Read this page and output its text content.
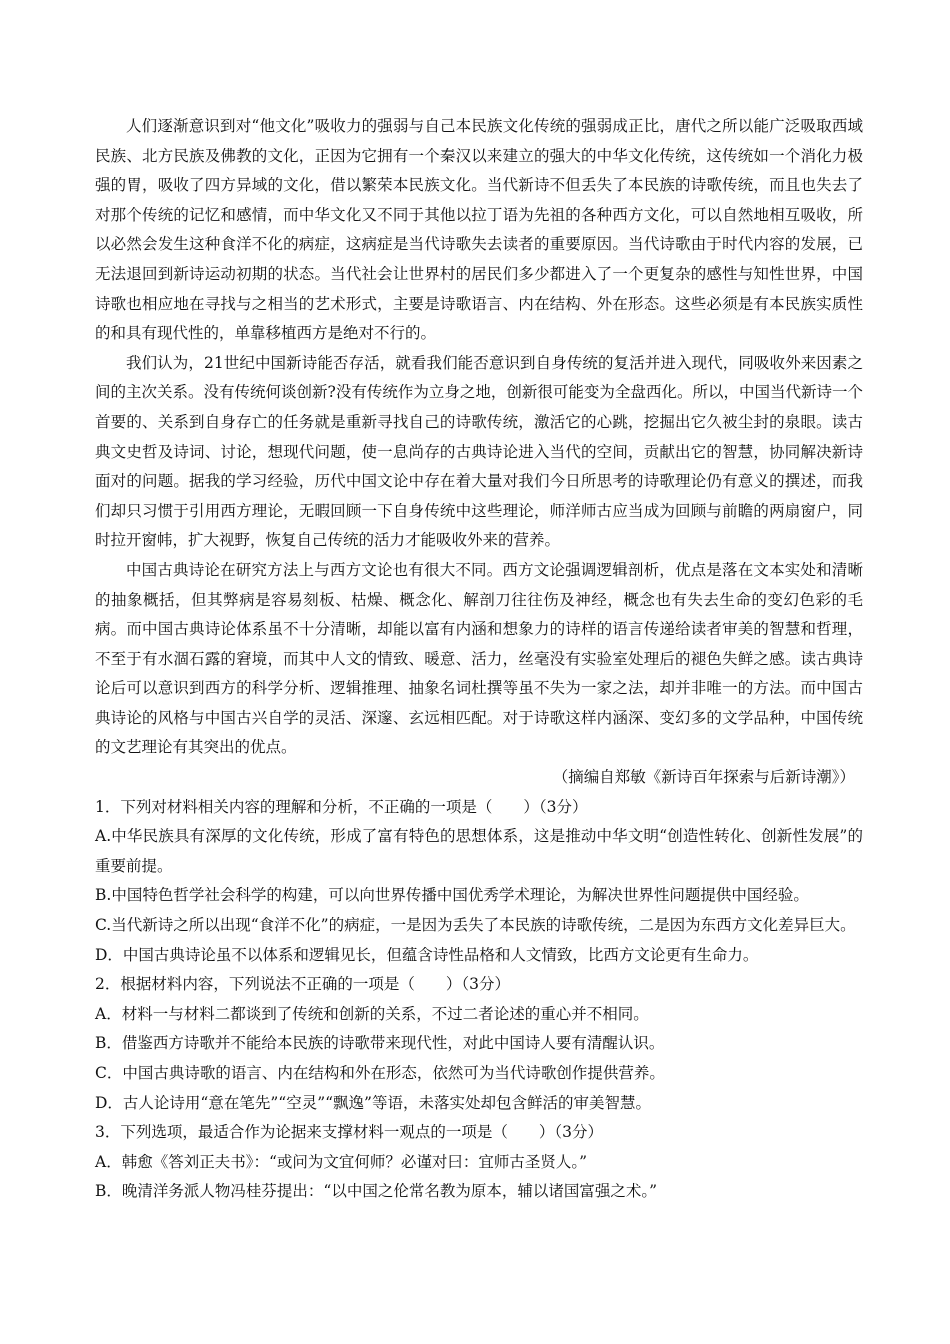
人们逐渐意识到对“他文化”吸收力的强弱与自己本民族文化传统的强弱成正比，唐代之所以能广泛吸取西域民族、北方民族及佛教的文化，正因为它拥有一个秦汉以来建立的强大的中华文化传统，这传统如一个消化力极强的胃，吸收了四方异域的文化，借以繁荣本民族文化。当代新诗不但丢失了本民族的诗歌传统，而且也失去了对那个传统的记忆和感情，而中华文化又不同于其他以拉丁语为先祖的各种西方文化，可以自然地相互吸收，所以必然会发生这种食洋不化的病症，这病症是当代诗歌失去读者的重要原因。当代诗歌由于时代内容的发展，已无法退回到新诗运动初期的状态。当代社会让世界村的居民们多少都进入了一个更复杂的感性与知性世界，中国诗歌也相应地在寻找与之相当的艺术形式，主要是诗歌语言、内在结构、外在形态。这些必须是有本民族实质性的和具有现代性的，单靠移植西方是绝对不行的。

我们认为，21世纪中国新诗能否存活，就看我们能否意识到自身传统的复活并进入现代，同吸收外来因素之间的主次关系。没有传统何谈创新?没有传统作为立身之地，创新很可能变为全盘西化。所以，中国当代新诗一个首要的、关系到自身存亡的任务就是重新寻找自己的诗歌传统，激活它的心跳，挖掘出它久被尘封的泉眼。读古典文史哲及诗词、讨论，想现代问题，使一息尚存的古典诗论进入当代的空间，贡献出它的智慧，协同解决新诗面对的问题。据我的学习经验，历代中国文论中存在着大量对我们今日所思考的诗歌理论仍有意义的撰述，而我们却只习惯于引用西方理论，无暇回顾一下自身传统中这些理论，师洋师古应当成为回顾与前瞻的两扇窗户，同时拉开窗帏，扩大视野，恢复自己传统的活力才能吸收外来的营养。

中国古典诗论在研究方法上与西方文论也有很大不同。西方文论强调逻辑剖析，优点是落在文本实处和清晰的抽象概括，但其弊病是容易刻板、枯燥、概念化、解剖刀往往伤及神经，概念也有失去生命的变幻色彩的毛病。而中国古典诗论体系虽不十分清晰，却能以富有内涵和想象力的诗样的语言传递给读者审美的智慧和哲理，不至于有水涸石露的窘境，而其中人文的情致、暖意、活力，丝毫没有实验室处理后的褪色失鲜之感。读古典诗论后可以意识到西方的科学分析、逻辑推理、抽象名词杜撰等虽不失为一家之法，却并非唯一的方法。而中国古典诗论的风格与中国古兴自学的灵活、深邃、玄远相匹配。对于诗歌这样内涵深、变幻多的文学品种，中国传统的文艺理论有其突出的优点。

（摘编自郑敏《新诗百年探索与后新诗潮》）

1．下列对材料相关内容的理解和分析，不正确的一项是（　　）（3分）

A.中华民族具有深厚的文化传统，形成了富有特色的思想体系，这是推动中华文明“创造性转化、创新性发展”的重要前提。

B.中国特色哲学社会科学的构建，可以向世界传播中国优秀学术理论，为解决世界性问题提供中国经验。

C.当代新诗之所以出现“食洋不化”的病症，一是因为丢失了本民族的诗歌传统，二是因为东西方文化差异巨大。

D．中国古典诗论虽不以体系和逻辑见长，但蕴含诗性品格和人文情致，比西方文论更有生命力。

2．根据材料内容，下列说法不正确的一项是（　　）（3分）

A．材料一与材料二都谈到了传统和创新的关系，不过二者论述的重心并不相同。

B．借鉴西方诗歌并不能给本民族的诗歌带来现代性，对此中国诗人要有清醒认识。

C．中国古典诗歌的语言、内在结构和外在形态，依然可为当代诗歌创作提供营养。

D．古人论诗用“意在笔先”“空灵”“飘逸”等语，未落实处却包含鲜活的审美智慧。

3．下列选项，最适合作为论据来支撑材料一观点的一项是（　　）（3分）

A．韩愈《答刘正夫书》：“或问为文宜何师？必谨对曰：宜师古圣贤人。”

B．晚清洋务派人物冯桂芬提出：“以中国之伦常名教为原本，辅以诸国富强之术。”
